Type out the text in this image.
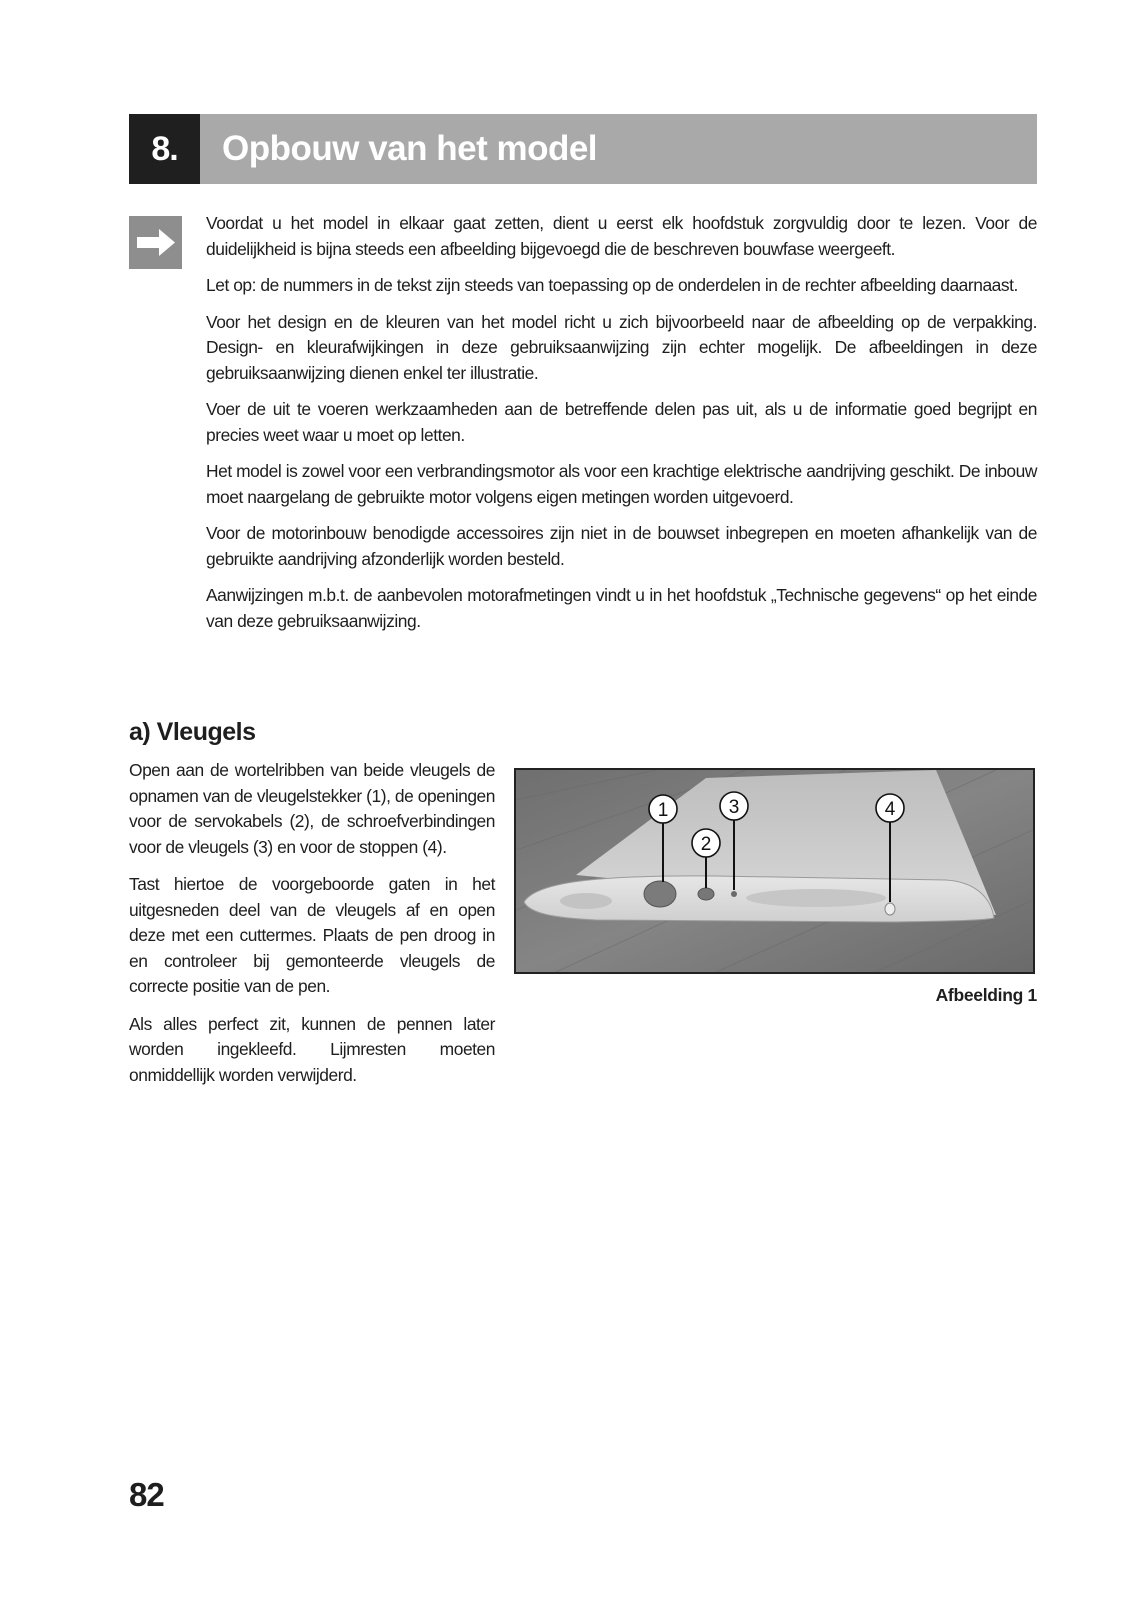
8.	Opbouw van het model

Voordat u het model in elkaar gaat zetten, dient u eerst elk hoofdstuk zorgvuldig door te lezen. Voor de duidelijkheid is bijna steeds een afbeelding bijgevoegd die de beschreven bouwfase weergeeft.

Let op: de nummers in de tekst zijn steeds van toepassing op de onderdelen in de rechter afbeelding daarnaast.

Voor het design en de kleuren van het model richt u zich bijvoorbeeld naar de afbeelding op de verpakking. Design- en kleurafwijkingen in deze gebruiksaanwijzing zijn echter mogelijk. De afbeeldingen in deze gebruiksaanwijzing dienen enkel ter illustratie.

Voer de uit te voeren werkzaamheden aan de betreffende delen pas uit, als u de informatie goed begrijpt en precies weet waar u moet op letten.

Het model is zowel voor een verbrandingsmotor als voor een krachtige elektrische aandrijving geschikt. De inbouw moet naargelang de gebruikte motor volgens eigen metingen worden uitgevoerd.

Voor de motorinbouw benodigde accessoires zijn niet in de bouwset inbegrepen en moeten afhankelijk van de gebruikte aandrijving afzonderlijk worden besteld.

Aanwijzingen m.b.t. de aanbevolen motorafmetingen vindt u in het hoofdstuk „Technische gegevens“ op het einde van deze gebruiksaanwijzing.

a) Vleugels

Open aan de wortelribben van beide vleugels de opnamen van de vleugelstekker (1), de openingen voor de servokabels (2), de schroefverbindingen voor de vleugels (3) en voor de stoppen (4).

Tast hiertoe de voorgeboorde gaten in het uitgesneden deel van de vleugels af en open deze met een cuttermes. Plaats de pen droog in en controleer bij gemonteerde vleugels de correcte positie van de pen.

Als alles perfect zit, kunnen de pennen later worden ingekleefd. Lijmresten moeten onmiddellijk worden verwijderd.

1
2
3	4
Afbeelding 1
82
